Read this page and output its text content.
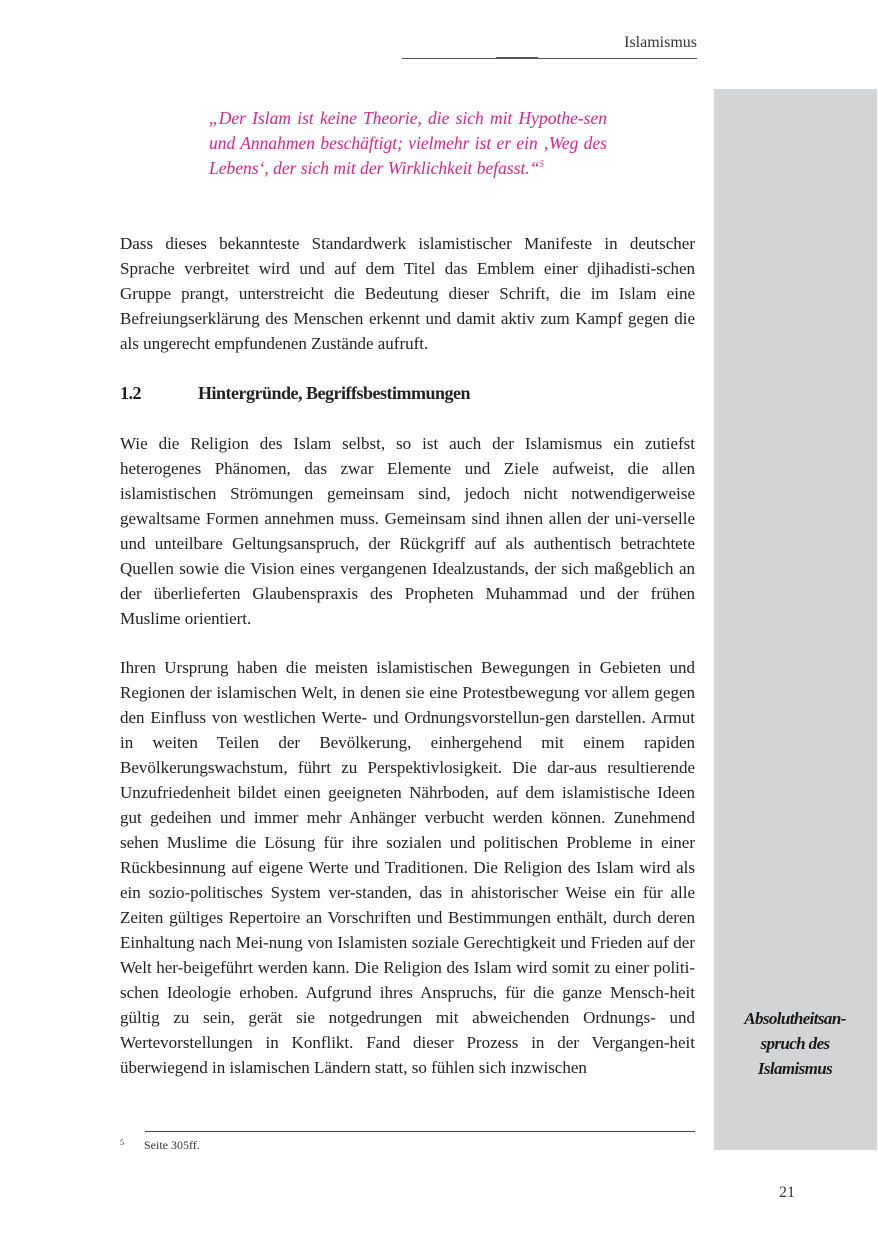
Islamismus

„Der Islam ist keine Theorie, die sich mit Hypothe-sen und Annahmen beschäftigt; vielmehr ist er ein ‚Weg des Lebens‘, der sich mit der Wirklichkeit befasst.“$^5$

Dass dieses bekannteste Standardwerk islamistischer Manifeste in deutscher Sprache verbreitet wird und auf dem Titel das Emblem einer djihadisti-schen Gruppe prangt, unterstreicht die Bedeutung dieser Schrift, die im Islam eine Befreiungserklärung des Menschen erkennt und damit aktiv zum Kampf gegen die als ungerecht empfundenen Zustände aufruft.

1.2	Hintergründe, Begriffsbestimmungen

Wie die Religion des Islam selbst, so ist auch der Islamismus ein zutiefst heterogenes Phänomen, das zwar Elemente und Ziele aufweist, die allen islamistischen Strömungen gemeinsam sind, jedoch nicht notwendigerweise gewaltsame Formen annehmen muss. Gemeinsam sind ihnen allen der uni-verselle und unteilbare Geltungsanspruch, der Rückgriff auf als authentisch betrachtete Quellen sowie die Vision eines vergangenen Idealzustands, der sich maßgeblich an der überlieferten Glaubenspraxis des Propheten Muhammad und der frühen Muslime orientiert.

Ihren Ursprung haben die meisten islamistischen Bewegungen in Gebieten und Regionen der islamischen Welt, in denen sie eine Protestbewegung vor allem gegen den Einfluss von westlichen Werte- und Ordnungsvorstellun-gen darstellen. Armut in weiten Teilen der Bevölkerung, einhergehend mit einem rapiden Bevölkerungswachstum, führt zu Perspektivlosigkeit. Die dar-aus resultierende Unzufriedenheit bildet einen geeigneten Nährboden, auf dem islamistische Ideen gut gedeihen und immer mehr Anhänger verbucht werden können. Zunehmend sehen Muslime die Lösung für ihre sozialen und politischen Probleme in einer Rückbesinnung auf eigene Werte und Traditionen. Die Religion des Islam wird als ein sozio-politisches System ver-standen, das in ahistorischer Weise ein für alle Zeiten gültiges Repertoire an Vorschriften und Bestimmungen enthält, durch deren Einhaltung nach Mei-nung von Islamisten soziale Gerechtigkeit und Frieden auf der Welt her-beigeführt werden kann. Die Religion des Islam wird somit zu einer politi-schen Ideologie erhoben. Aufgrund ihres Anspruchs, für die ganze Mensch-heit gültig zu sein, gerät sie notgedrungen mit abweichenden Ordnungs- und Wertevorstellungen in Konflikt. Fand dieser Prozess in der Vergangen-heit überwiegend in islamischen Ländern statt, so fühlen sich inzwischen

Absolutheitsan-
spruch des
Islamismus
5 Seite 305ff.
21
